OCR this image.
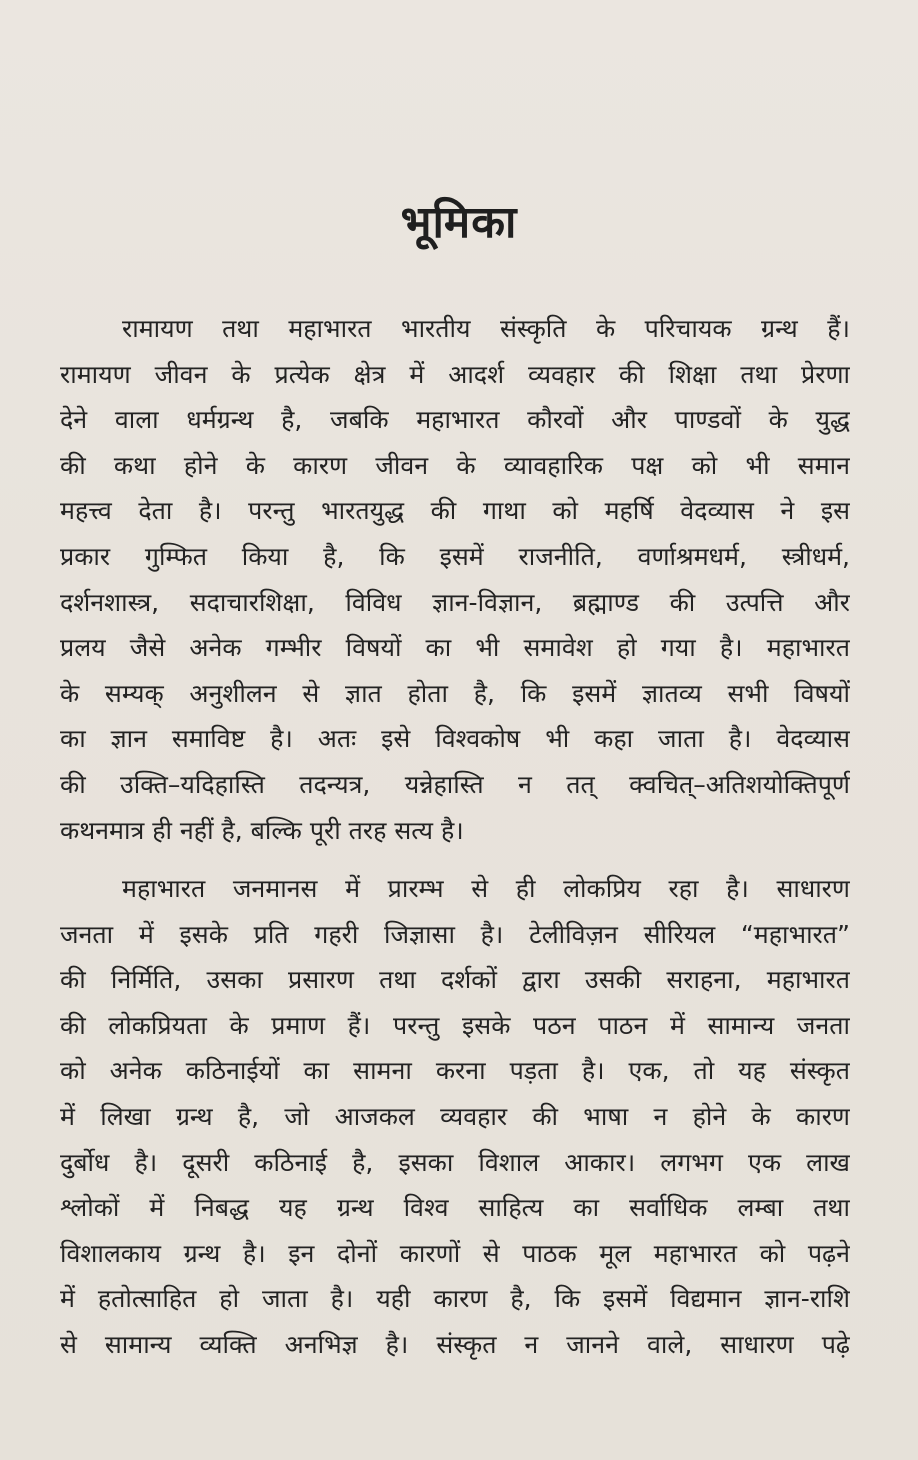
भूमिका
रामायण तथा महाभारत भारतीय संस्कृति के परिचायक ग्रन्थ हैं।
रामायण जीवन के प्रत्येक क्षेत्र में आदर्श व्यवहार की शिक्षा तथा प्रेरणा
देने वाला धर्मग्रन्थ है, जबकि महाभारत कौरवों और पाण्डवों के युद्ध
की कथा होने के कारण जीवन के व्यावहारिक पक्ष को भी समान
महत्त्व देता है। परन्तु भारतयुद्ध की गाथा को महर्षि वेदव्यास ने इस
प्रकार गुम्फित किया है, कि इसमें राजनीति, वर्णाश्रमधर्म, स्त्रीधर्म,
दर्शनशास्त्र, सदाचारशिक्षा, विविध ज्ञान-विज्ञान, ब्रह्माण्ड की उत्पत्ति और
प्रलय जैसे अनेक गम्भीर विषयों का भी समावेश हो गया है। महाभारत
के सम्यक् अनुशीलन से ज्ञात होता है, कि इसमें ज्ञातव्य सभी विषयों
का ज्ञान समाविष्ट है। अतः इसे विश्वकोष भी कहा जाता है। वेदव्यास
की उक्ति–यदिहास्ति तदन्यत्र, यन्नेहास्ति न तत् क्वचित्–अतिशयोक्तिपूर्ण
कथनमात्र ही नहीं है, बल्कि पूरी तरह सत्य है।
महाभारत जनमानस में प्रारम्भ से ही लोकप्रिय रहा है। साधारण
जनता में इसके प्रति गहरी जिज्ञासा है। टेलीविज़न सीरियल “महाभारत”
की निर्मिति, उसका प्रसारण तथा दर्शकों द्वारा उसकी सराहना, महाभारत
की लोकप्रियता के प्रमाण हैं। परन्तु इसके पठन पाठन में सामान्य जनता
को अनेक कठिनाईयों का सामना करना पड़ता है। एक, तो यह संस्कृत
में लिखा ग्रन्थ है, जो आजकल व्यवहार की भाषा न होने के कारण
दुर्बोध है। दूसरी कठिनाई है, इसका विशाल आकार। लगभग एक लाख
श्लोकों में निबद्ध यह ग्रन्थ विश्व साहित्य का सर्वाधिक लम्बा तथा
विशालकाय ग्रन्थ है। इन दोनों कारणों से पाठक मूल महाभारत को पढ़ने
में हतोत्साहित हो जाता है। यही कारण है, कि इसमें विद्यमान ज्ञान-राशि
से सामान्य व्यक्ति अनभिज्ञ है। संस्कृत न जानने वाले, साधारण पढ़े
